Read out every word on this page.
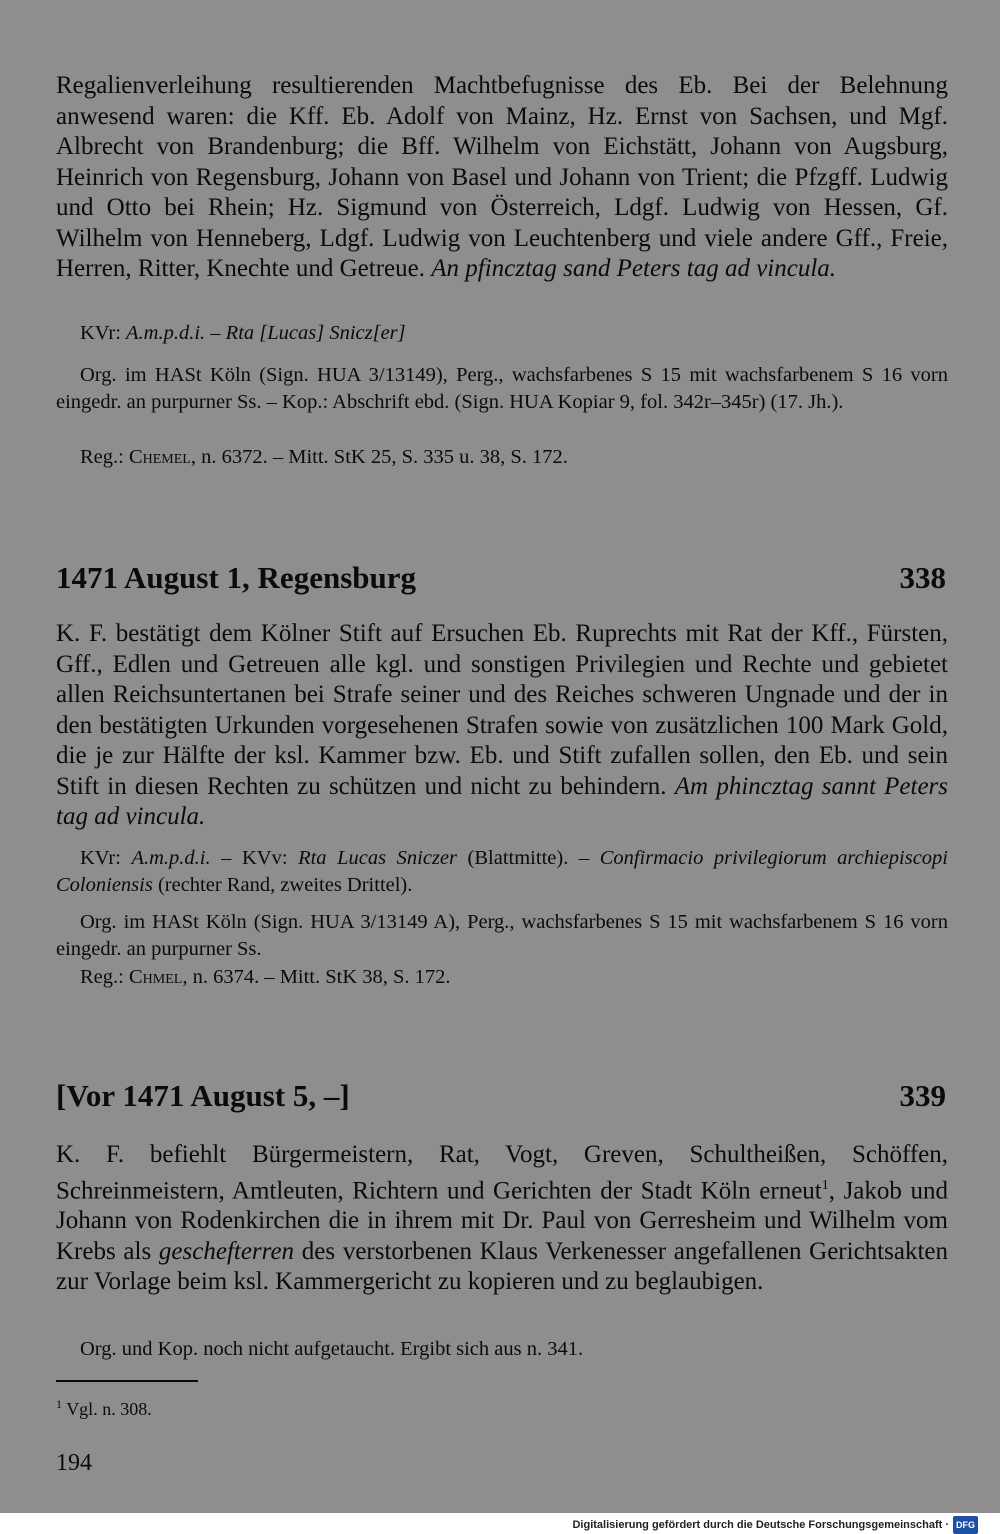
Regalienverleihung resultierenden Machtbefugnisse des Eb. Bei der Belehnung anwesend waren: die Kff. Eb. Adolf von Mainz, Hz. Ernst von Sachsen, und Mgf. Albrecht von Brandenburg; die Bff. Wilhelm von Eichstätt, Johann von Augsburg, Heinrich von Regensburg, Johann von Basel und Johann von Trient; die Pfzgff. Ludwig und Otto bei Rhein; Hz. Sigmund von Österreich, Ldgf. Ludwig von Hessen, Gf. Wilhelm von Henneberg, Ldgf. Ludwig von Leuchtenberg und viele andere Gff., Freie, Herren, Ritter, Knechte und Getreue. An pfincztag sand Peters tag ad vincula.

KVr: A.m.p.d.i. – Rta [Lucas] Snicz[er]

Org. im HASt Köln (Sign. HUA 3/13149), Perg., wachsfarbenes S 15 mit wachsfarbenem S 16 vorn eingedr. an purpurner Ss. – Kop.: Abschrift ebd. (Sign. HUA Kopiar 9, fol. 342r–345r) (17. Jh.).

Reg.: Chemel, n. 6372. – Mitt. StK 25, S. 335 u. 38, S. 172.

1471 August 1, Regensburg	338

K. F. bestätigt dem Kölner Stift auf Ersuchen Eb. Ruprechts mit Rat der Kff., Fürsten, Gff., Edlen und Getreuen alle kgl. und sonstigen Privilegien und Rechte und gebietet allen Reichsuntertanen bei Strafe seiner und des Reiches schweren Ungnade und der in den bestätigten Urkunden vorgesehenen Strafen sowie von zusätzlichen 100 Mark Gold, die je zur Hälfte der ksl. Kammer bzw. Eb. und Stift zufallen sollen, den Eb. und sein Stift in diesen Rechten zu schützen und nicht zu behindern. Am phincztag sannt Peters tag ad vincula.

KVr: A.m.p.d.i. – KVv: Rta Lucas Sniczer (Blattmitte). – Confirmacio privilegiorum archiepiscopi Coloniensis (rechter Rand, zweites Drittel).

Org. im HASt Köln (Sign. HUA 3/13149 A), Perg., wachsfarbenes S 15 mit wachsfarbenem S 16 vorn eingedr. an purpurner Ss.

Reg.: Chmel, n. 6374. – Mitt. StK 38, S. 172.

[Vor 1471 August 5, –]	339

K. F. befiehlt Bürgermeistern, Rat, Vogt, Greven, Schultheißen, Schöffen, Schreinmeistern, Amtleuten, Richtern und Gerichten der Stadt Köln erneut$^1$, Jakob und Johann von Rodenkirchen die in ihrem mit Dr. Paul von Gerresheim und Wilhelm vom Krebs als geschefterren des verstorbenen Klaus Verkenesser angefallenen Gerichtsakten zur Vorlage beim ksl. Kammergericht zu kopieren und zu beglaubigen.

Org. und Kop. noch nicht aufgetaucht. Ergibt sich aus n. 341.

$^1$ Vgl. n. 308.
194
Digitalisierung gefördert durch die Deutsche Forschungsgemeinschaft · DFG
